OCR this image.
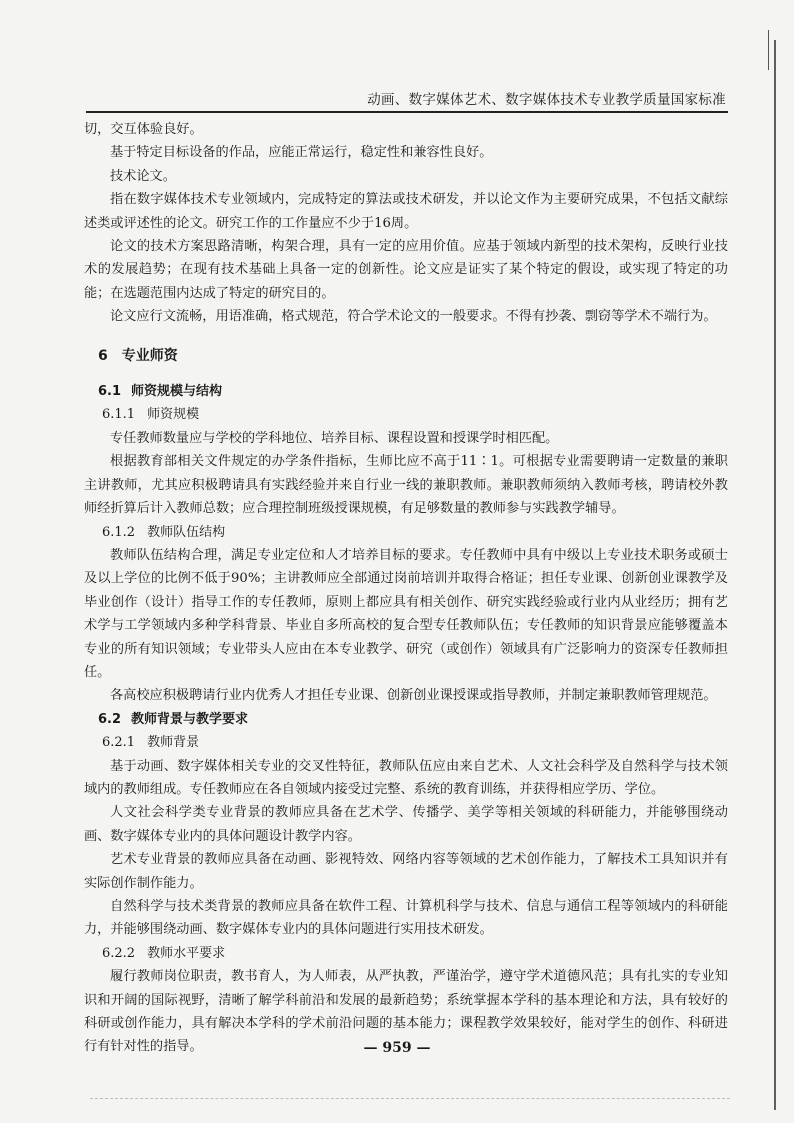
动画、数字媒体艺术、数字媒体技术专业教学质量国家标准

切，交互体验良好。

基于特定目标设备的作品，应能正常运行，稳定性和兼容性良好。

技术论文。

指在数字媒体技术专业领域内，完成特定的算法或技术研发，并以论文作为主要研究成果，不包括文献综述类或评述性的论文。研究工作的工作量应不少于16周。

论文的技术方案思路清晰，构架合理，具有一定的应用价值。应基于领域内新型的技术架构，反映行业技术的发展趋势；在现有技术基础上具备一定的创新性。论文应是证实了某个特定的假设，或实现了特定的功能；在选题范围内达成了特定的研究目的。

论文应行文流畅，用语准确，格式规范，符合学术论文的一般要求。不得有抄袭、剽窃等学术不端行为。

6 专业师资
6.1 师资规模与结构
6.1.1 师资规模

专任教师数量应与学校的学科地位、培养目标、课程设置和授课学时相匹配。

根据教育部相关文件规定的办学条件指标，生师比应不高于11∶1。可根据专业需要聘请一定数量的兼职主讲教师，尤其应积极聘请具有实践经验并来自行业一线的兼职教师。兼职教师须纳入教师考核，聘请校外教师经折算后计入教师总数；应合理控制班级授课规模，有足够数量的教师参与实践教学辅导。

6.1.2 教师队伍结构

教师队伍结构合理，满足专业定位和人才培养目标的要求。专任教师中具有中级以上专业技术职务或硕士及以上学位的比例不低于90%；主讲教师应全部通过岗前培训并取得合格证；担任专业课、创新创业课教学及毕业创作（设计）指导工作的专任教师，原则上都应具有相关创作、研究实践经验或行业内从业经历；拥有艺术学与工学领域内多种学科背景、毕业自多所高校的复合型专任教师队伍；专任教师的知识背景应能够覆盖本专业的所有知识领域；专业带头人应由在本专业教学、研究（或创作）领域具有广泛影响力的资深专任教师担任。

各高校应积极聘请行业内优秀人才担任专业课、创新创业课授课或指导教师，并制定兼职教师管理规范。

6.2 教师背景与教学要求
6.2.1 教师背景

基于动画、数字媒体相关专业的交叉性特征，教师队伍应由来自艺术、人文社会科学及自然科学与技术领域内的教师组成。专任教师应在各自领域内接受过完整、系统的教育训练，并获得相应学历、学位。

人文社会科学类专业背景的教师应具备在艺术学、传播学、美学等相关领域的科研能力，并能够围绕动画、数字媒体专业内的具体问题设计教学内容。

艺术专业背景的教师应具备在动画、影视特效、网络内容等领域的艺术创作能力，了解技术工具知识并有实际创作制作能力。

自然科学与技术类背景的教师应具备在软件工程、计算机科学与技术、信息与通信工程等领域内的科研能力，并能够围绕动画、数字媒体专业内的具体问题进行实用技术研发。

6.2.2 教师水平要求

履行教师岗位职责，教书育人，为人师表，从严执教，严谨治学，遵守学术道德风范；具有扎实的专业知识和开阔的国际视野，清晰了解学科前沿和发展的最新趋势；系统掌握本学科的基本理论和方法，具有较好的科研或创作能力，具有解决本学科的学术前沿问题的基本能力；课程教学效果较好，能对学生的创作、科研进行有针对性的指导。	— 959 —
